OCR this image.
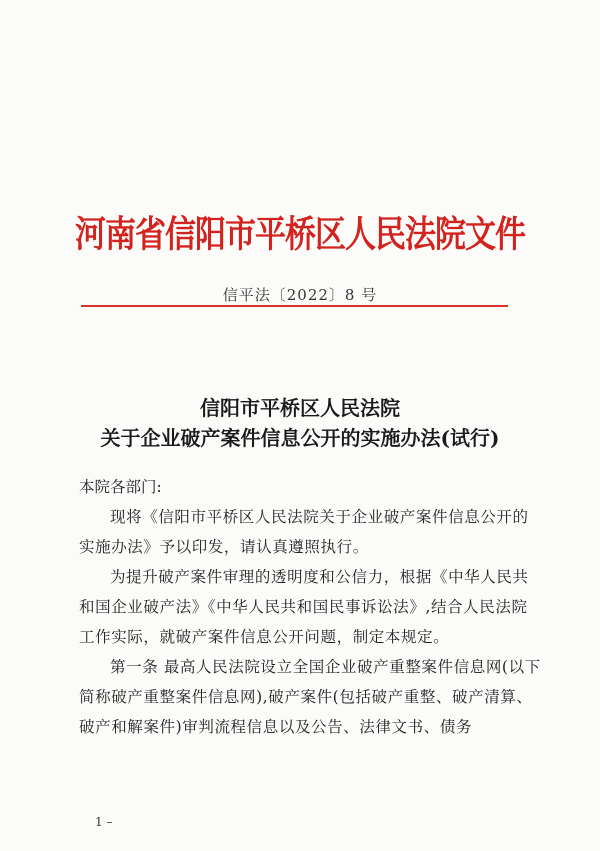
河南省信阳市平桥区人民法院文件
信平法〔2022〕8 号
信阳市平桥区人民法院
关于企业破产案件信息公开的实施办法(试行)

本院各部门:

现将《信阳市平桥区人民法院关于企业破产案件信息公开的实施办法》予以印发，请认真遵照执行。

为提升破产案件审理的透明度和公信力，根据《中华人民共和国企业破产法》《中华人民共和国民事诉讼法》,结合人民法院 工作实际，就破产案件信息公开问题，制定本规定。

第一条 最高人民法院设立全国企业破产重整案件信息网(以下简称破产重整案件信息网),破产案件(包括破产重整、破产清算、破产和解案件)审判流程信息以及公告、法律文书、债务

1 –
